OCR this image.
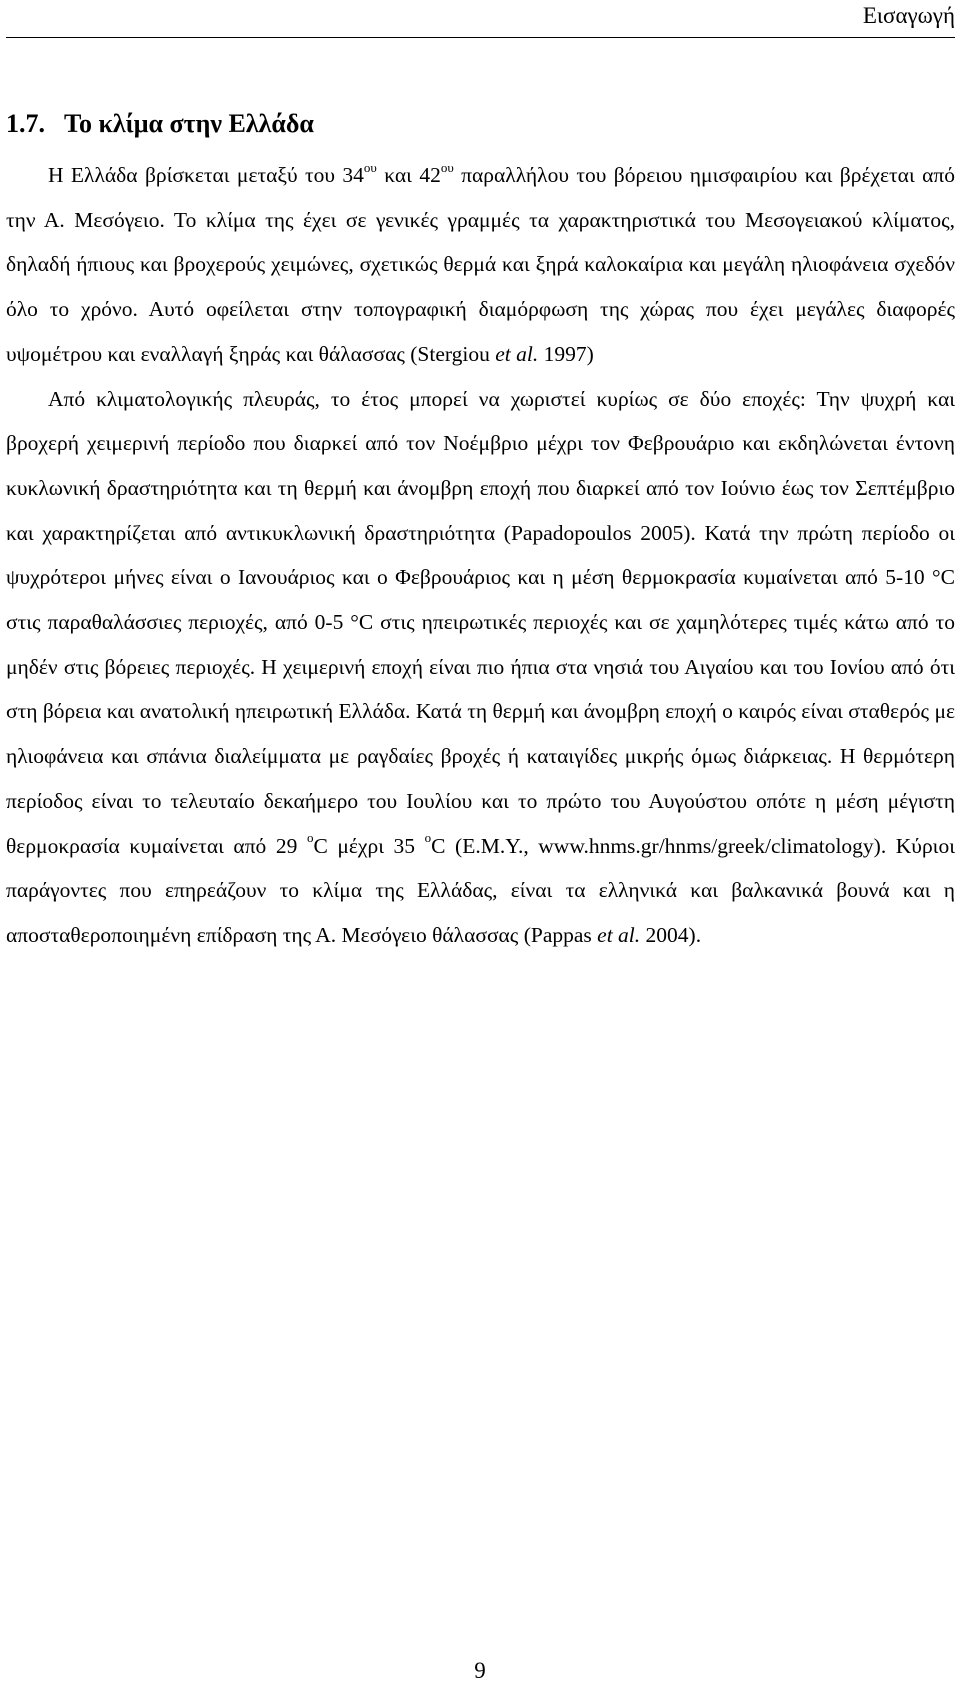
Εισαγωγή
1.7. Το κλίμα στην Ελλάδα

Η Ελλάδα βρίσκεται μεταξύ του $34^{o\upsilon}$ και $42^{o\upsilon}$ παραλλήλου του βόρειου ημισφαιρίου και βρέχεται από την Α. Μεσόγειο. Το κλίμα της έχει σε γενικές γραμμές τα χαρακτηριστικά του Μεσογειακού κλίματος, δηλαδή ήπιους και βροχερούς χειμώνες, σχετικώς θερμά και ξηρά καλοκαίρια και μεγάλη ηλιοφάνεια σχεδόν όλο το χρόνο. Αυτό οφείλεται στην τοπογραφική διαμόρφωση της χώρας που έχει μεγάλες διαφορές υψομέτρου και εναλλαγή ξηράς και θάλασσας (Stergiou et al. 1997)

Από κλιματολογικής πλευράς, το έτος μπορεί να χωριστεί κυρίως σε δύο εποχές: Την ψυχρή και βροχερή χειμερινή περίοδο που διαρκεί από τον Νοέμβριο μέχρι τον Φεβρουάριο και εκδηλώνεται έντονη κυκλωνική δραστηριότητα και τη θερμή και άνομβρη εποχή που διαρκεί από τον Ιούνιο έως τον Σεπτέμβριο και χαρακτηρίζεται από αντικυκλωνική δραστηριότητα (Papadopoulos 2005). Κατά την πρώτη περίοδο οι ψυχρότεροι μήνες είναι ο Ιανουάριος και ο Φεβρουάριος και η μέση θερμοκρασία κυμαίνεται από 5-10 °C στις παραθαλάσσιες περιοχές, από 0-5 °C στις ηπειρωτικές περιοχές και σε χαμηλότερες τιμές κάτω από το μηδέν στις βόρειες περιοχές. Η χειμερινή εποχή είναι πιο ήπια στα νησιά του Αιγαίου και του Ιονίου από ότι στη βόρεια και ανατολική ηπειρωτική Ελλάδα. Κατά τη θερμή και άνομβρη εποχή ο καιρός είναι σταθερός με ηλιοφάνεια και σπάνια διαλείμματα με ραγδαίες βροχές ή καταιγίδες μικρής όμως διάρκειας. Η θερμότερη περίοδος είναι το τελευταίο δεκαήμερο του Ιουλίου και το πρώτο του Αυγούστου οπότε η μέση μέγιστη θερμοκρασία κυμαίνεται από 29 $^o$C μέχρι 35 $^o$C (E.M.Y., www.hnms.gr/hnms/greek/climatology). Κύριοι παράγοντες που επηρεάζουν το κλίμα της Ελλάδας, είναι τα ελληνικά και βαλκανικά βουνά και η αποσταθεροποιημένη επίδραση της Α. Μεσόγειο θάλασσας (Pappas et al. 2004).

9
